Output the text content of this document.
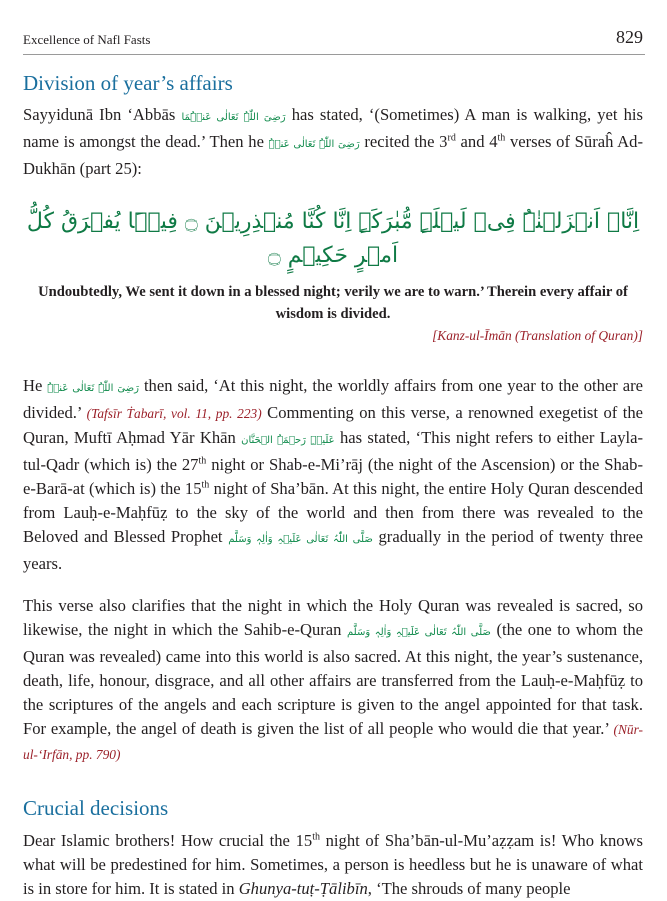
Excellence of Nafl Fasts	829
Division of year’s affairs

Sayyidunā Ibn ‘Abbās رَضِیَ اللّٰہُ تَعَالٰی عَنۡہُمَا has stated, ‘(Sometimes) A man is walking, yet his name is amongst the dead.’ Then he رَضِیَ اللّٰہُ تَعَالٰی عَنۡہُ recited the 3rd and 4th verses of Sūraĥ Ad-Dukhān (part 25):

اِنَّاۤ اَنۡزَلۡنٰہُ فِیۡ لَیۡلَۃٍ مُّبٰرَکَۃٍ اِنَّا کُنَّا مُنۡذِرِیۡنَ ۝ فِیۡہَا یُفۡرَقُ کُلُّ اَمۡرٍ حَکِیۡمٍ ۝
Undoubtedly, We sent it down in a blessed night; verily we are to warn.’ Therein every affair of wisdom is divided.
[Kanz-ul-Īmān (Translation of Quran)]

He رَضِیَ اللّٰہُ تَعَالٰی عَنۡہُ then said, ‘At this night, the worldly affairs from one year to the other are divided.’ (Tafsīr Ṫabarī, vol. 11, pp. 223) Commenting on this verse, a renowned exegetist of the Quran, Muftī Aḥmad Yār Khān عَلَیۡہِ رَحۡمَۃُ الۡحَنَّان has stated, ‘This night refers to either Layla-tul-Qadr (which is) the 27th night or Shab-e-Mi’rāj (the night of the Ascension) or the Shab-e-Barā-at (which is) the 15th night of Sha’bān. At this night, the entire Holy Quran descended from Lauḥ-e-Maḥfūẓ to the sky of the world and then from there was revealed to the Beloved and Blessed Prophet صَلَّی اللّٰہُ تَعَالٰی عَلَیۡہِ وَاٰلِہٖ وَسَلَّم gradually in the period of twenty three years.

This verse also clarifies that the night in which the Holy Quran was revealed is sacred, so likewise, the night in which the Sahib-e-Quran صَلَّی اللّٰہُ تَعَالٰی عَلَیۡہِ وَاٰلِہٖ وَسَلَّم (the one to whom the Quran was revealed) came into this world is also sacred. At this night, the year’s sustenance, death, life, honour, disgrace, and all other affairs are transferred from the Lauḥ-e-Maḥfūẓ to the scriptures of the angels and each scripture is given to the angel appointed for that task. For example, the angel of death is given the list of all people who would die that year.’ (Nūr-ul-‘Irfān, pp. 790)

Crucial decisions

Dear Islamic brothers! How crucial the 15th night of Sha’bān-ul-Mu’aẓẓam is! Who knows what will be predestined for him. Sometimes, a person is heedless but he is unaware of what is in store for him. It is stated in Ghunya-tuṭ-Ṭālibīn, ‘The shrouds of many people
